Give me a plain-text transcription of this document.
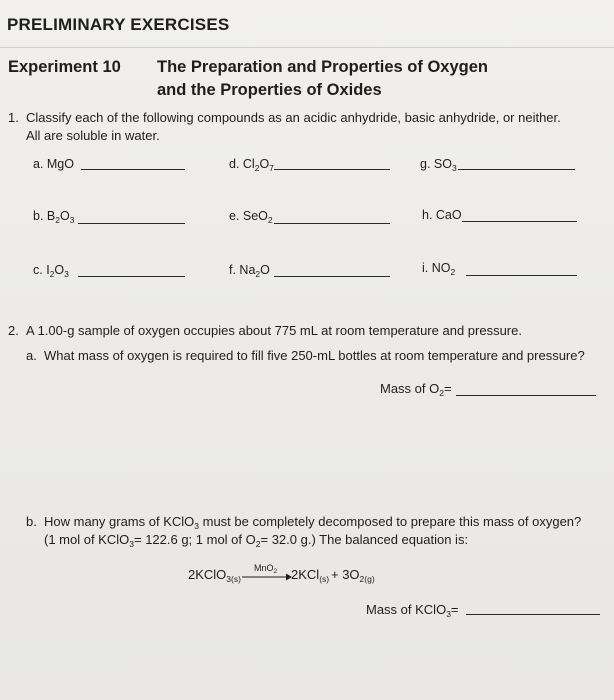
PRELIMINARY EXERCISES
Experiment 10 The Preparation and Properties of Oxygen
and the Properties of Oxides
1. Classify each of the following compounds as an acidic anhydride, basic anhydride, or neither.
All are soluble in water.
a. MgO	d. $Cl_2O_7$	g. $SO_3$
b. $B_2O_3$	e. SeO$_2$	h. CaO
c. $I_2O_3$	f. $Na_2O$	i. $NO_2$
2. A 1.00-g sample of oxygen occupies about 775 mL at room temperature and pressure.
a. What mass of oxygen is required to fill five 250-mL bottles at room temperature and pressure?
Mass of $O_2=$
b. How many grams of KClO$_3$ must be completely decomposed to prepare this mass of oxygen?
(1 mol of KClO$_3$= 122.6 g; 1 mol of $O_2= 32.0$ g.) The balanced equation is:
2KClO$_{3(s)}$
$MnO_2 \to 2KCl_{(s)} + 3O_{2(g)}$
Mass of KClO$_3$=
